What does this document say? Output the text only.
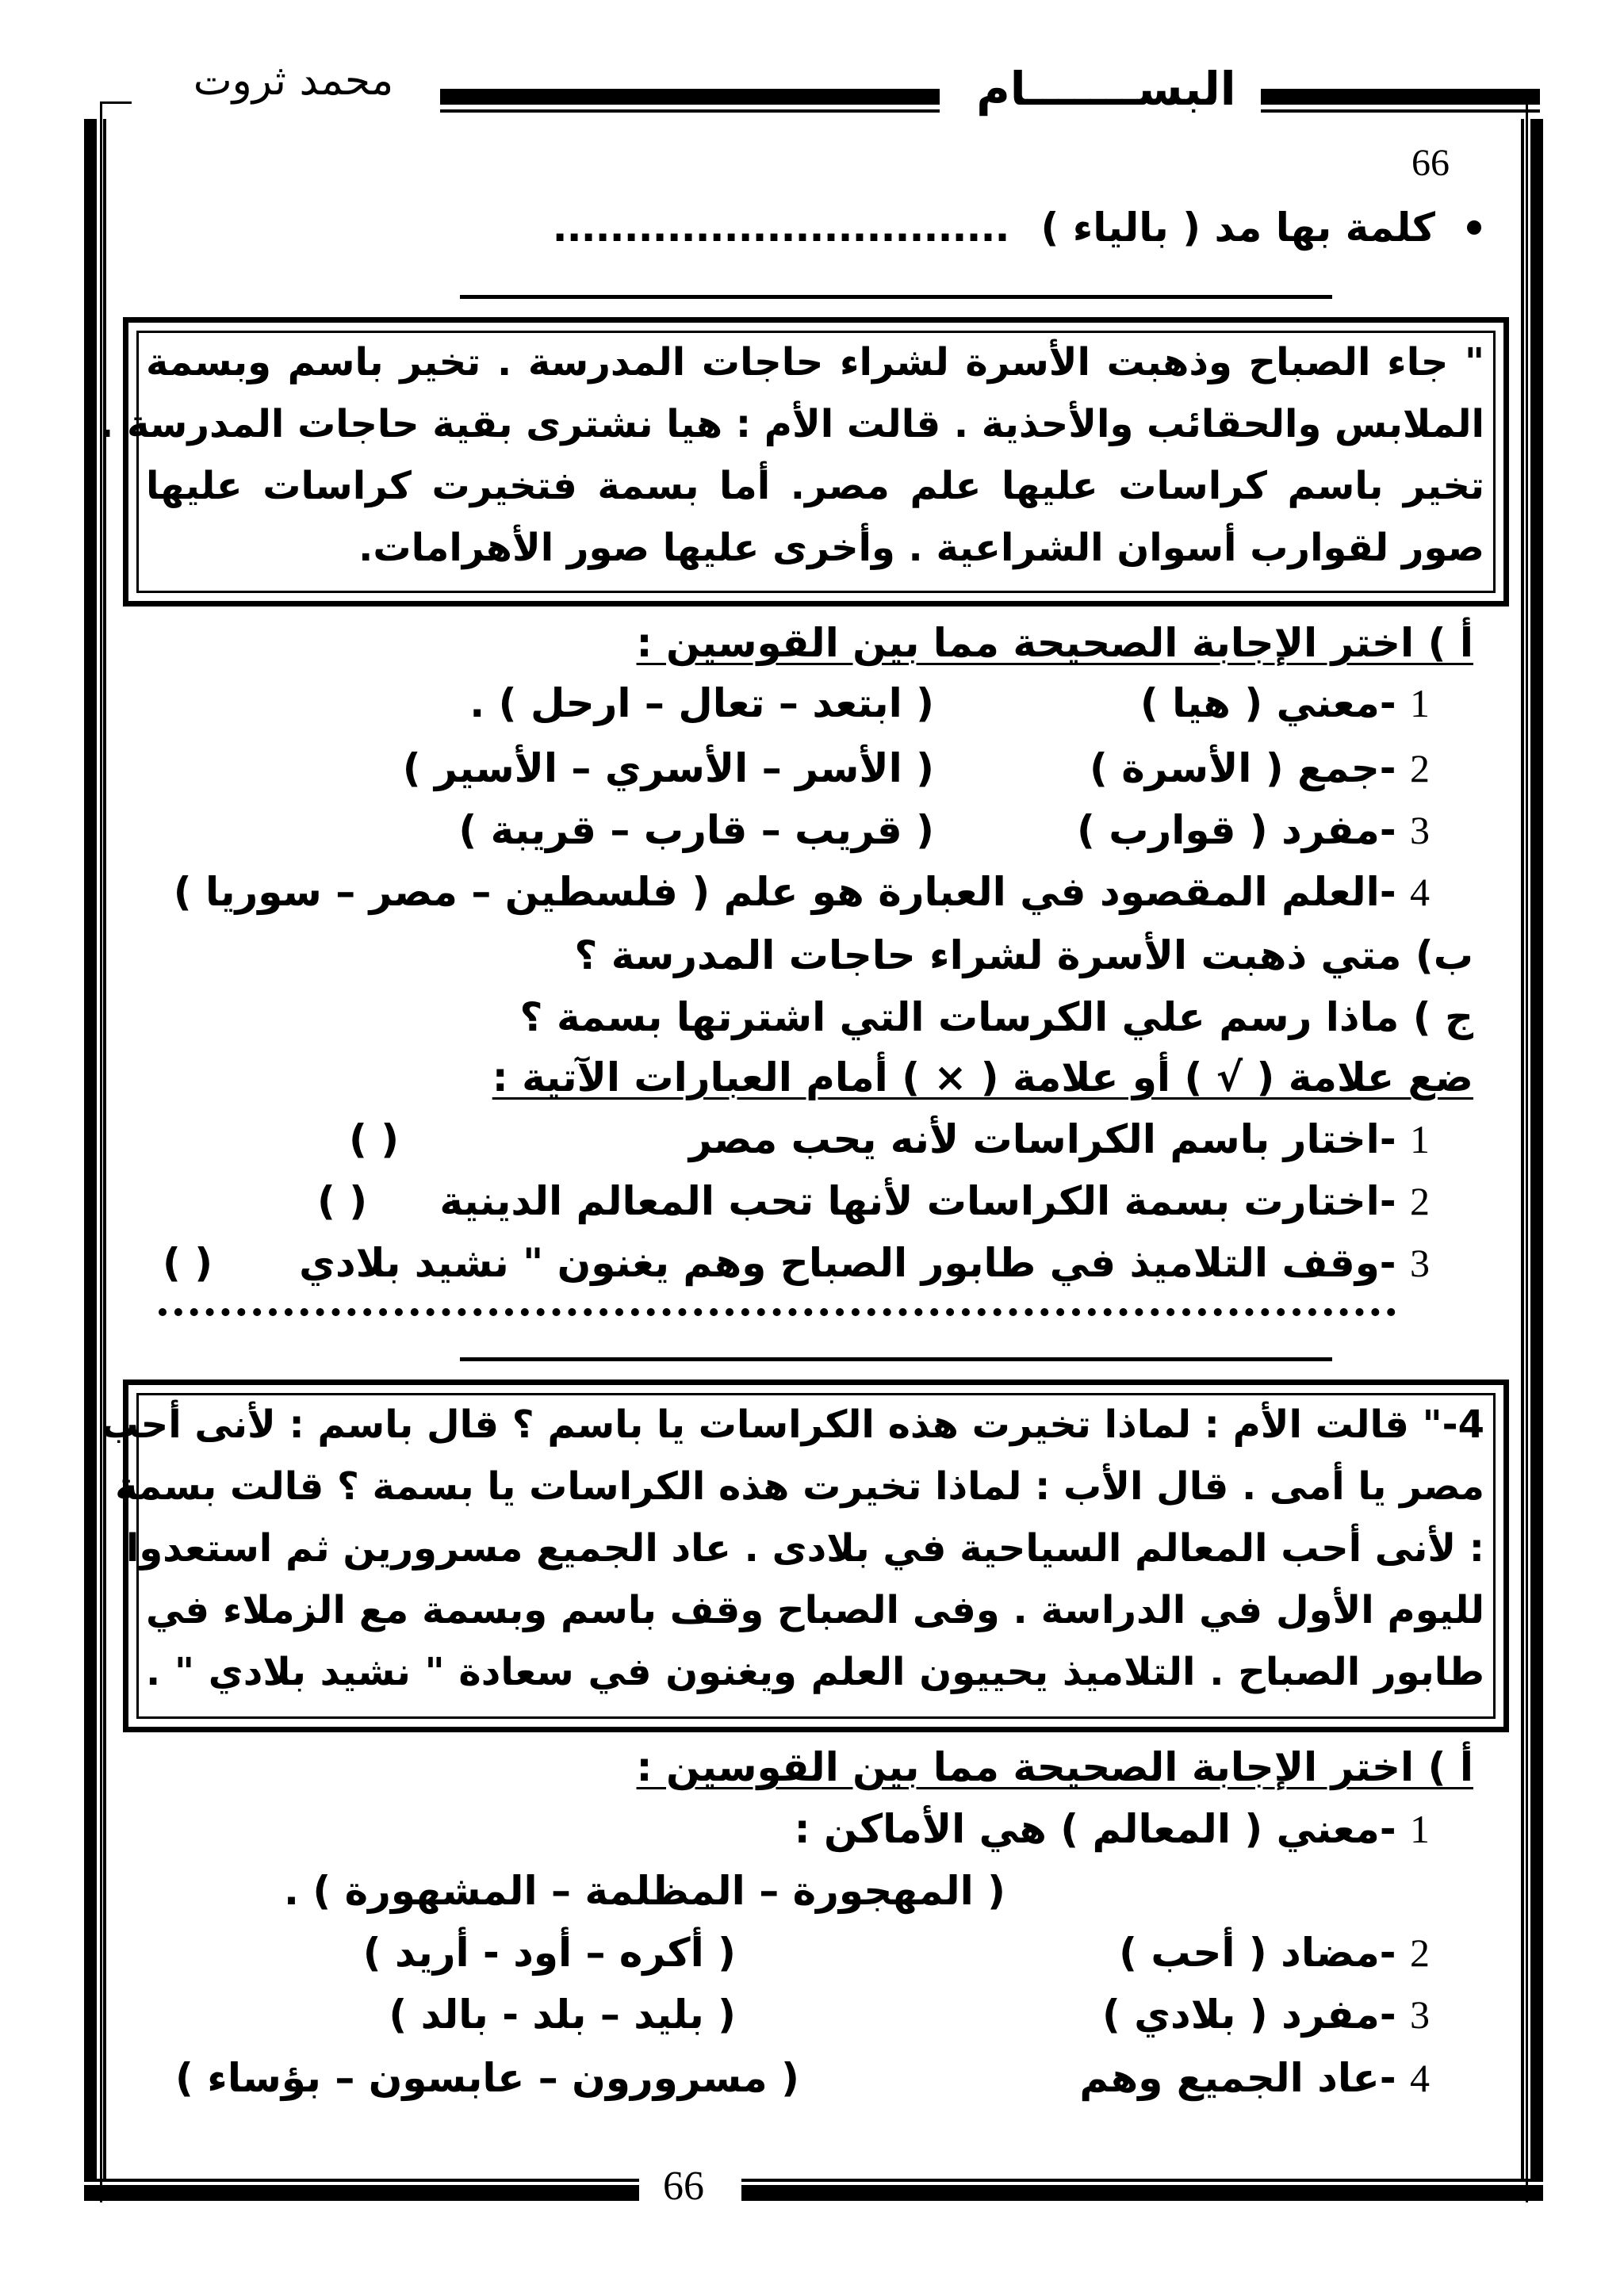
البســـــــام
محمد ثروت
66
كلمة بها مد ( بالياء )
................................
" جاء الصباح وذهبت الأسرة لشراء حاجات المدرسة . تخير باسم وبسمة
الملابس والحقائب والأحذية . قالت الأم : هيا نشترى بقية حاجات المدرسة .
تخير باسم كراسات عليها علم مصر. أما بسمة فتخيرت كراسات عليها
صور لقوارب أسوان الشراعية . وأخرى عليها صور الأهرامات.
أ ) اختر الإجابة الصحيحة مما بين القوسين :
1 -معني ( هيا )
( ابتعد – تعال – ارحل ) .
2 -جمع ( الأسرة )
( الأسر – الأسري – الأسير )
3 -مفرد ( قوارب )
( قريب – قارب – قريبة )
4 -العلم المقصود في العبارة هو علم ( فلسطين – مصر – سوريا )
ب) متي ذهبت الأسرة لشراء حاجات المدرسة ؟
ج ) ماذا رسم علي الكرسات التي اشترتها بسمة ؟
ضع علامة ( √ ) أو علامة ( × ) أمام العبارات الآتية :
1 -اختار باسم الكراسات لأنه يحب مصر
( )
2 -اختارت بسمة الكراسات لأنها تحب المعالم الدينية
( )
3 -وقف التلاميذ في طابور الصباح وهم يغنون " نشيد بلادي
( )
4-" قالت الأم : لماذا تخيرت هذه الكراسات يا باسم ؟ قال باسم : لأنى أحب
مصر يا أمى . قال الأب : لماذا تخيرت هذه الكراسات يا بسمة ؟ قالت بسمة
: لأنى أحب المعالم السياحية في بلادى . عاد الجميع مسرورين ثم استعدوا
لليوم الأول في الدراسة . وفى الصباح وقف باسم وبسمة مع الزملاء في
طابور الصباح . التلاميذ يحييون العلم ويغنون في سعادة " نشيد بلادي " .
أ ) اختر الإجابة الصحيحة مما بين القوسين :
1 -معني ( المعالم ) هي الأماكن :
( المهجورة – المظلمة – المشهورة ) .
2 -مضاد ( أحب )
( أكره – أود - أريد )
3 -مفرد ( بلادي )
( بليد – بلد - بالد )
4 -عاد الجميع وهم
( مسرورون – عابسون – بؤساء )
66
